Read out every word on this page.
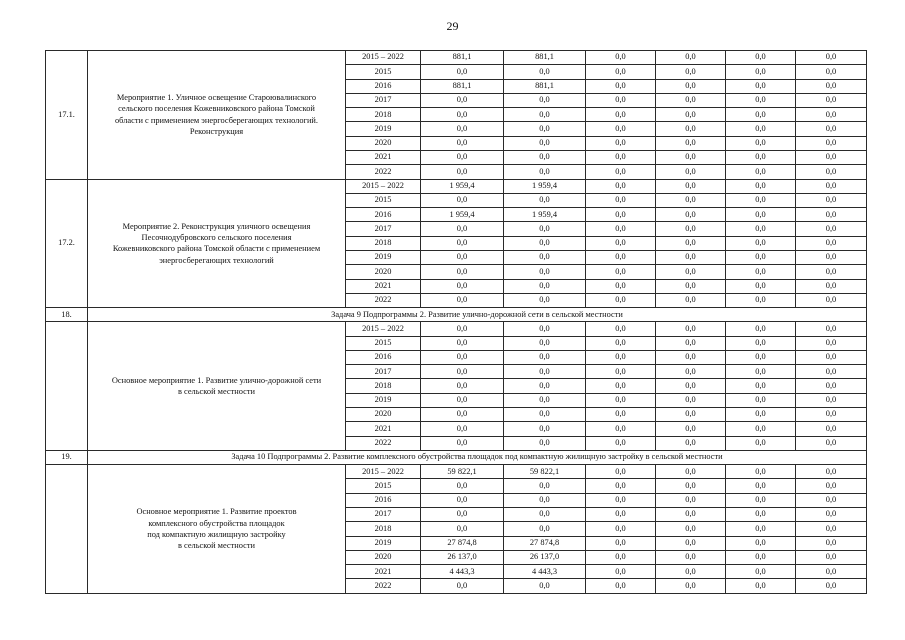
29
17.1.	Мероприятие 1. Уличное освещение Староювалинского
сельского поселения Кожевниковского района Томской
области с применением энергосберегающих технологий.
Реконструкция	2015 – 2022	881,1	881,1	0,0	0,0	0,0	0,0
		2015	0,0	0,0	0,0	0,0	0,0	0,0
		2016	881,1	881,1	0,0	0,0	0,0	0,0
		2017	0,0	0,0	0,0	0,0	0,0	0,0
		2018	0,0	0,0	0,0	0,0	0,0	0,0
		2019	0,0	0,0	0,0	0,0	0,0	0,0
		2020	0,0	0,0	0,0	0,0	0,0	0,0
		2021	0,0	0,0	0,0	0,0	0,0	0,0
		2022	0,0	0,0	0,0	0,0	0,0	0,0
17.2.	Мероприятие 2. Реконструкция уличного освещения
Песочнодубровского сельского поселения
Кожевниковского района Томской области с применением
энергосберегающих технологий	2015 – 2022	1 959,4	1 959,4	0,0	0,0	0,0	0,0
		2015	0,0	0,0	0,0	0,0	0,0	0,0
		2016	1 959,4	1 959,4	0,0	0,0	0,0	0,0
		2017	0,0	0,0	0,0	0,0	0,0	0,0
		2018	0,0	0,0	0,0	0,0	0,0	0,0
		2019	0,0	0,0	0,0	0,0	0,0	0,0
		2020	0,0	0,0	0,0	0,0	0,0	0,0
		2021	0,0	0,0	0,0	0,0	0,0	0,0
		2022	0,0	0,0	0,0	0,0	0,0	0,0
18.	Задача 9 Подпрограммы 2. Развитие улично-дорожной сети в сельской местности							

	Основное мероприятие 1. Развитие улично-дорожной сети
в сельской местности	2015 – 2022	0,0	0,0	0,0	0,0	0,0	0,0
		2015	0,0	0,0	0,0	0,0	0,0	0,0
		2016	0,0	0,0	0,0	0,0	0,0	0,0
		2017	0,0	0,0	0,0	0,0	0,0	0,0
		2018	0,0	0,0	0,0	0,0	0,0	0,0
		2019	0,0	0,0	0,0	0,0	0,0	0,0
		2020	0,0	0,0	0,0	0,0	0,0	0,0
		2021	0,0	0,0	0,0	0,0	0,0	0,0
		2022	0,0	0,0	0,0	0,0	0,0	0,0
19.	Задача 10 Подпрограммы 2. Развитие комплексного обустройства площадок под компактную жилищную застройку в сельской местности							

	Основное мероприятие 1. Развитие проектов
комплексного обустройства площадок
под компактную жилищную застройку
в сельской местности	2015 – 2022	59 822,1	59 822,1	0,0	0,0	0,0	0,0
		2015	0,0	0,0	0,0	0,0	0,0	0,0
		2016	0,0	0,0	0,0	0,0	0,0	0,0
		2017	0,0	0,0	0,0	0,0	0,0	0,0
		2018	0,0	0,0	0,0	0,0	0,0	0,0
		2019	27 874,8	27 874,8	0,0	0,0	0,0	0,0
		2020	26 137,0	26 137,0	0,0	0,0	0,0	0,0
		2021	4 443,3	4 443,3	0,0	0,0	0,0	0,0
		2022	0,0	0,0	0,0	0,0	0,0	0,0
